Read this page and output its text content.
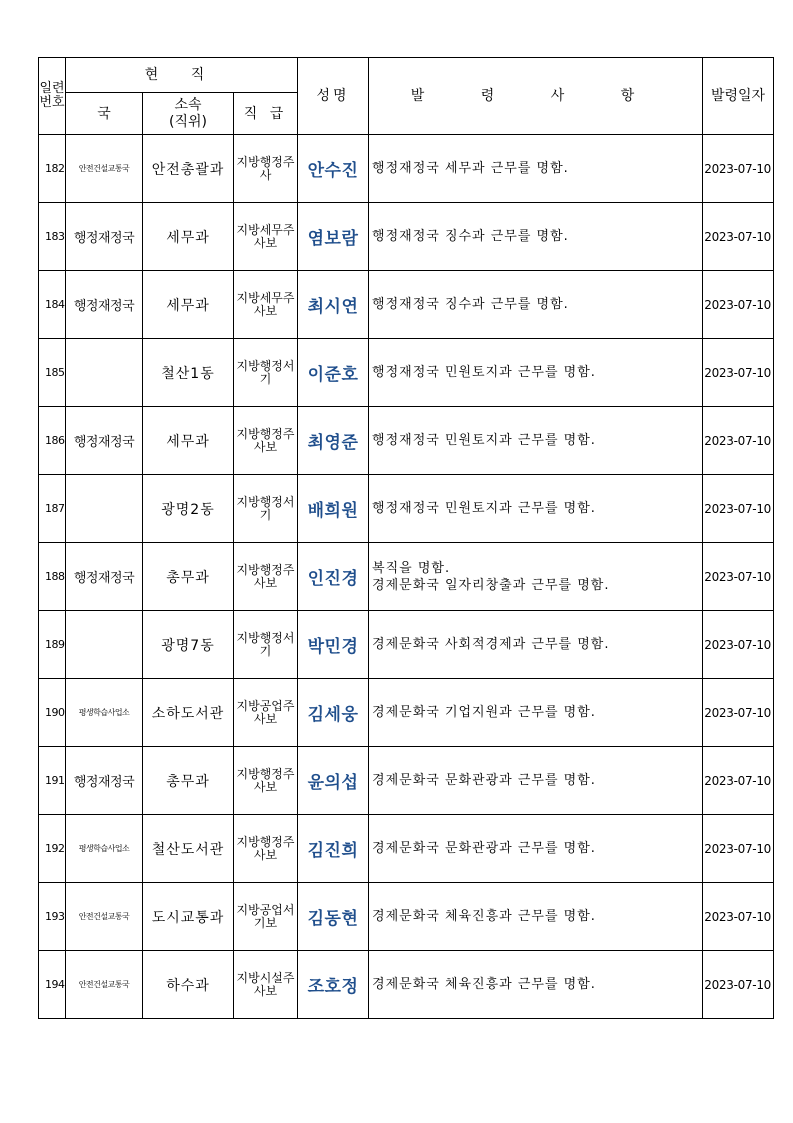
일련번호	현 직			성명	발 령 사 항	발령일자
	국	소속
(직위)	직 급			
182	안전건설교통국	안전총괄과	지방행정주사	안수진	행정재정국 세무과 근무를 명함.	2023-07-10
183	행정재정국	세무과	지방세무주사보	염보람	행정재정국 징수과 근무를 명함.	2023-07-10
184	행정재정국	세무과	지방세무주사보	최시연	행정재정국 징수과 근무를 명함.	2023-07-10
185		철산1동	지방행정서기	이준호	행정재정국 민원토지과 근무를 명함.	2023-07-10
186	행정재정국	세무과	지방행정주사보	최영준	행정재정국 민원토지과 근무를 명함.	2023-07-10
187		광명2동	지방행정서기	배희원	행정재정국 민원토지과 근무를 명함.	2023-07-10
188	행정재정국	총무과	지방행정주사보	인진경	복직을 명함.
경제문화국 일자리창출과 근무를 명함.	2023-07-10
189		광명7동	지방행정서기	박민경	경제문화국 사회적경제과 근무를 명함.	2023-07-10
190	평생학습사업소	소하도서관	지방공업주사보	김세웅	경제문화국 기업지원과 근무를 명함.	2023-07-10
191	행정재정국	총무과	지방행정주사보	윤의섭	경제문화국 문화관광과 근무를 명함.	2023-07-10
192	평생학습사업소	철산도서관	지방행정주사보	김진희	경제문화국 문화관광과 근무를 명함.	2023-07-10
193	안전건설교통국	도시교통과	지방공업서기보	김동현	경제문화국 체육진흥과 근무를 명함.	2023-07-10
194	안전건설교통국	하수과	지방시설주사보	조호정	경제문화국 체육진흥과 근무를 명함.	2023-07-10
